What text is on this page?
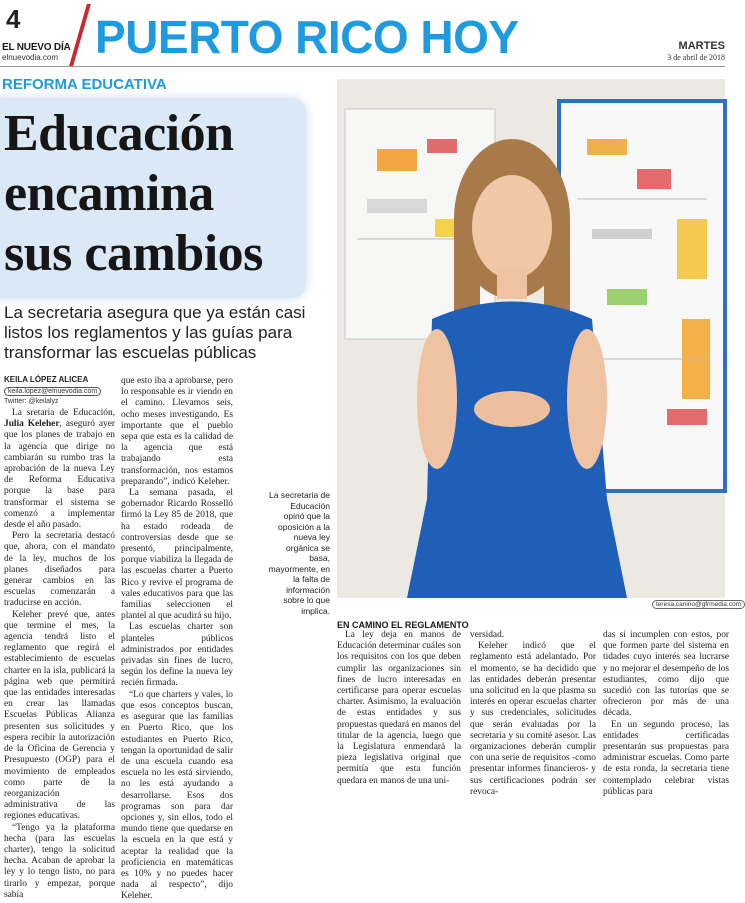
4
EL NUEVO DÍA
elnuevodia.com PUERTO RICO HOY	MARTES
3 de abril de 2018
REFORMA EDUCATIVA
Educación
encamina
sus cambios
La secretaria asegura que ya están casi listos los reglamentos y las guías para transformar las escuelas públicas
KEILA LÓPEZ ALICEA
keila.lopez@elnuevodia.com
Twitter: @keilalyz

La sretaria de Educación, Julia Keleher, aseguró ayer que los planes de trabajo en la agencia que dirige no cambiarán su rumbo tras la aprobación de la nueva Ley de Reforma Educativa porque la base para transformar el sistema se comenzó a implementar desde el año pasado.

Pero la secretaria destacó que, ahora, con el mandato de la ley, muchos de los planes diseñados para generar cambios en las escuelas comenzarán a traducirse en acción.

Keleher prevé que, antes que termine el mes, la agencia tendrá listo el reglamento que regirá el establecimiento de escuelas charter en la isla, publicará la página web que permitirá que las entidades interesadas en crear las llamadas Escuelas Públicas Alianza presenten sus solicitudes y espera recibir la autorización de la Oficina de Gerencia y Presupuesto (OGP) para el movimiento de empleados como parte de la reorganización administrativa de las regiones educativas.

“Tengo ya la plataforma hecha (para las escuelas charter), tengo la solicitud hecha. Acaban de aprobar la ley y lo tengo listo, no para tirarlo y empezar, porque sabía

que esto iba a aprobarse, pero lo responsable es ir viendo en el camino. Llevamos seis, ocho meses investigando. Es importante que el pueblo sepa que esta es la calidad de la agencia que está trabajando esta transformación, nos estamos preparando”, indicó Keleher.

La semana pasada, el gobernador Ricardo Rosselló firmó la Ley 85 de 2018, que ha estado rodeada de controversias desde que se presentó, principalmente, porque viabiliza la llegada de las escuelas charter a Puerto Rico y revive el programa de vales educativos para que las familias seleccionen el plantel al que acudirá su hijo.

Las escuelas charter son planteles públicos administrados por entidades privadas sin fines de lucro, según los define la nueva ley recién firmada.

“Lo que charters y vales, lo que esos conceptos buscan, es asegurar que las familias en Puerto Rico, que los estudiantes en Puerto Rico, tengan la oportunidad de salir de una escuela cuando esa escuela no les está sirviendo, no les está ayudando a desarrollarse. Esos dos programas son para dar opciones y, sin ellos, todo el mundo tiene que quedarse en la escuela en la que está y aceptar la realidad que la proficiencia en matemáticas es 10% y no puedes hacer nada al respecto”, dijo Keleher.

La secretaria de Educación opinó que la oposición a la nueva ley orgánica se basa, mayormente, en la falta de información sobre lo que implica.
teresa.canino@gfrmedia.com
EN CAMINO EL REGLAMENTO

La ley deja en manos de Educación determinar cuáles son los requisitos con los que deben cumplir las organizaciones sin fines de lucro interesadas en certificarse para operar escuelas charter. Asimismo, la evaluación de estas entidades y sus propuestas quedará en manos del titular de la agencia, luego que la Legislatura enmendará la pieza legislativa original que permitía que esta función quedara en manos de una uni-

versidad.

Keleher indicó que el reglamento está adelantado. Por el momento, se ha decidido que las entidades deberán presentar una solicitud en la que plasma su interés en operar escuelas charter y sus credenciales, solicitudes que serán evaluadas por la secretaria y su comité asesor. Las organizaciones deberán cumplir con una serie de requisitos -como presentar informes financieros- y sus certificaciones podrán ser revoca-

das si incumplen con estos, por que formen parte del sistema en tidades cuyo interés sea lucrarse y no mejorar el desempeño de los estudiantes, como dijo que sucedió con las tutorías que se ofrecieron por más de una década.

En un segundo proceso, las entidades certificadas presentarán sus propuestas para administrar escuelas. Como parte de esta ronda, la secretaria tiene contemplado celebrar vistas públicas para
